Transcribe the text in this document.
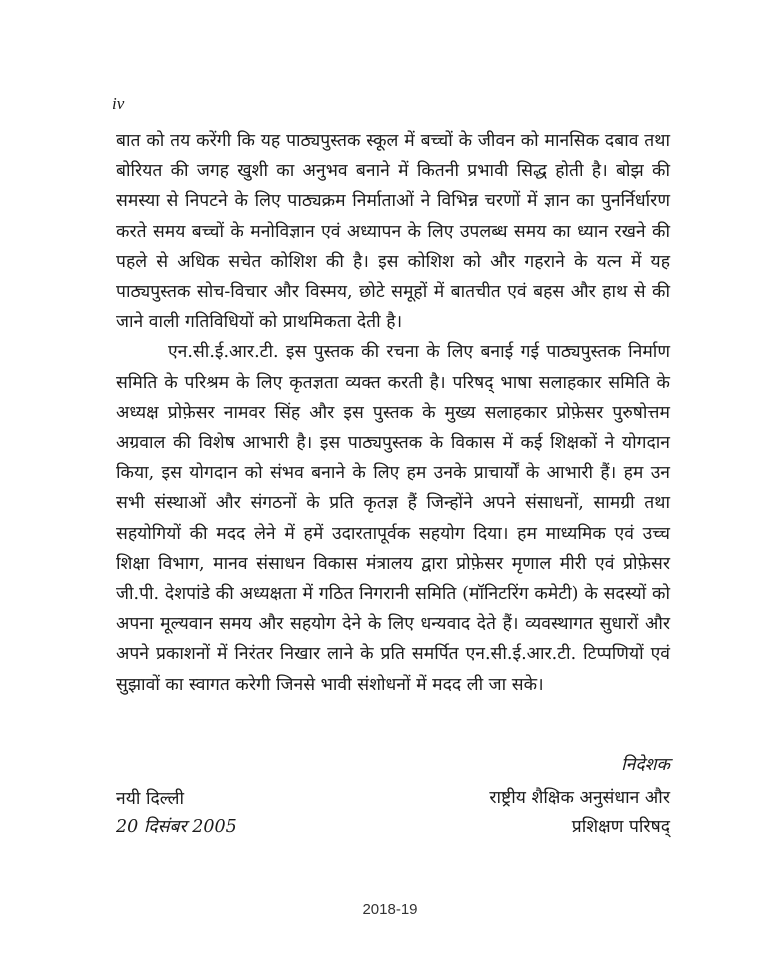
iv

बात को तय करेंगी कि यह पाठ्यपुस्तक स्कूल में बच्चों के जीवन को मानसिक दबाव तथा बोरियत की जगह खुशी का अनुभव बनाने में कितनी प्रभावी सिद्ध होती है। बोझ की समस्या से निपटने के लिए पाठ्यक्रम निर्माताओं ने विभिन्न चरणों में ज्ञान का पुनर्निर्धारण करते समय बच्चों के मनोविज्ञान एवं अध्यापन के लिए उपलब्ध समय का ध्यान रखने की पहले से अधिक सचेत कोशिश की है। इस कोशिश को और गहराने के यत्न में यह पाठ्यपुस्तक सोच-विचार और विस्मय, छोटे समूहों में बातचीत एवं बहस और हाथ से की जाने वाली गतिविधियों को प्राथमिकता देती है।

एन.सी.ई.आर.टी. इस पुस्तक की रचना के लिए बनाई गई पाठ्यपुस्तक निर्माण समिति के परिश्रम के लिए कृतज्ञता व्यक्त करती है। परिषद् भाषा सलाहकार समिति के अध्यक्ष प्रोफ़ेसर नामवर सिंह और इस पुस्तक के मुख्य सलाहकार प्रोफ़ेसर पुरुषोत्तम अग्रवाल की विशेष आभारी है। इस पाठ्यपुस्तक के विकास में कई शिक्षकों ने योगदान किया, इस योगदान को संभव बनाने के लिए हम उनके प्राचार्यों के आभारी हैं। हम उन सभी संस्थाओं और संगठनों के प्रति कृतज्ञ हैं जिन्होंने अपने संसाधनों, सामग्री तथा सहयोगियों की मदद लेने में हमें उदारतापूर्वक सहयोग दिया। हम माध्यमिक एवं उच्च शिक्षा विभाग, मानव संसाधन विकास मंत्रालय द्वारा प्रोफ़ेसर मृणाल मीरी एवं प्रोफ़ेसर जी.पी. देशपांडे की अध्यक्षता में गठित निगरानी समिति (मॉनिटरिंग कमेटी) के सदस्यों को अपना मूल्यवान समय और सहयोग देने के लिए धन्यवाद देते हैं। व्यवस्थागत सुधारों और अपने प्रकाशनों में निरंतर निखार लाने के प्रति समर्पित एन.सी.ई.आर.टी. टिप्पणियों एवं सुझावों का स्वागत करेगी जिनसे भावी संशोधनों में मदद ली जा सके।

निदेशक
नयी दिल्ली
20 दिसंबर 2005
राष्ट्रीय शैक्षिक अनुसंधान और
प्रशिक्षण परिषद्
2018-19
